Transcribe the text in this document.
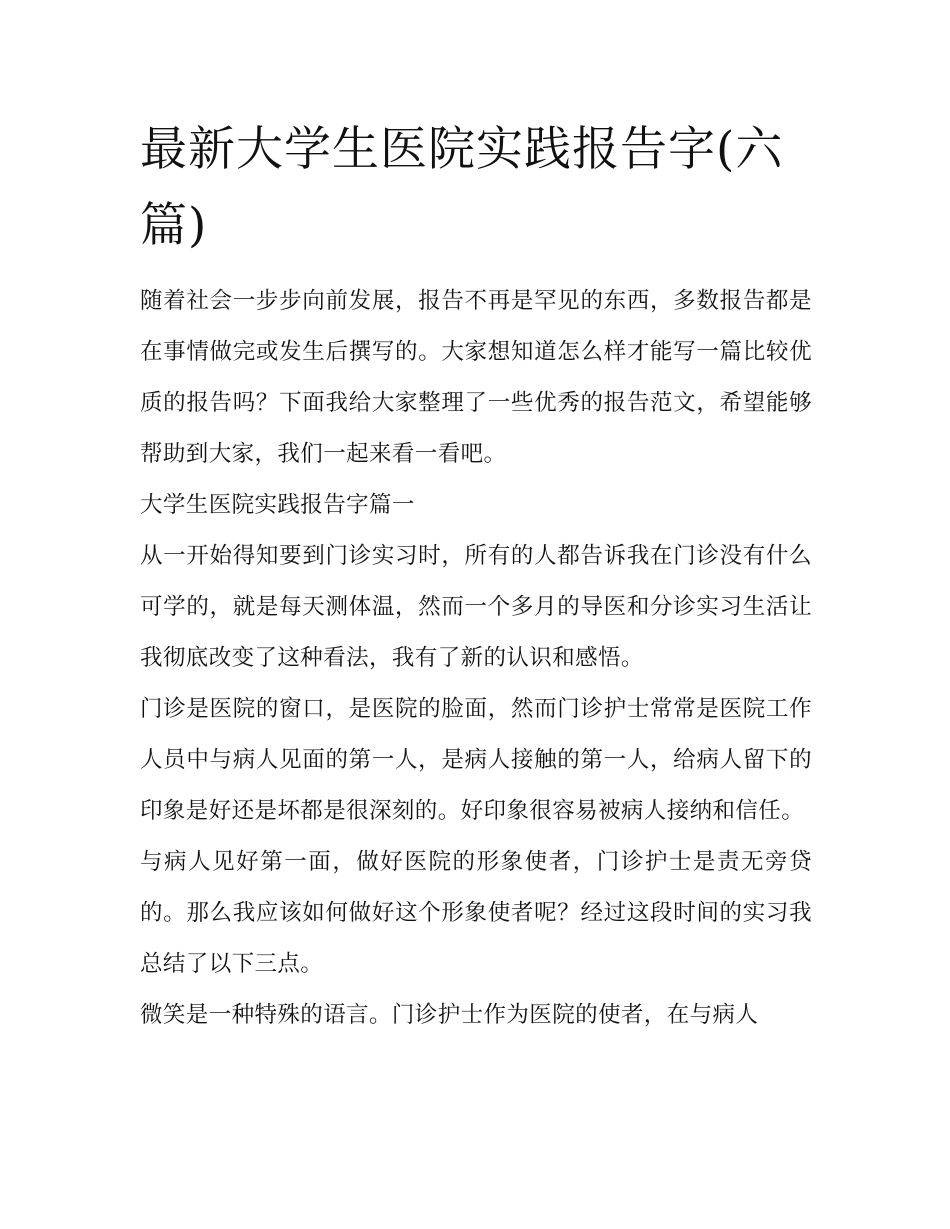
最新大学生医院实践报告字(六篇)

随着社会一步步向前发展，报告不再是罕见的东西，多数报告都是在事情做完或发生后撰写的。大家想知道怎么样才能写一篇比较优质的报告吗？下面我给大家整理了一些优秀的报告范文，希望能够帮助到大家，我们一起来看一看吧。

大学生医院实践报告字篇一

从一开始得知要到门诊实习时，所有的人都告诉我在门诊没有什么可学的，就是每天测体温，然而一个多月的导医和分诊实习生活让我彻底改变了这种看法，我有了新的认识和感悟。

门诊是医院的窗口，是医院的脸面，然而门诊护士常常是医院工作人员中与病人见面的第一人，是病人接触的第一人，给病人留下的印象是好还是坏都是很深刻的。好印象很容易被病人接纳和信任。

与病人见好第一面，做好医院的形象使者，门诊护士是责无旁贷的。那么我应该如何做好这个形象使者呢？经过这段时间的实习我总结了以下三点。

微笑是一种特殊的语言。门诊护士作为医院的使者，在与病人
